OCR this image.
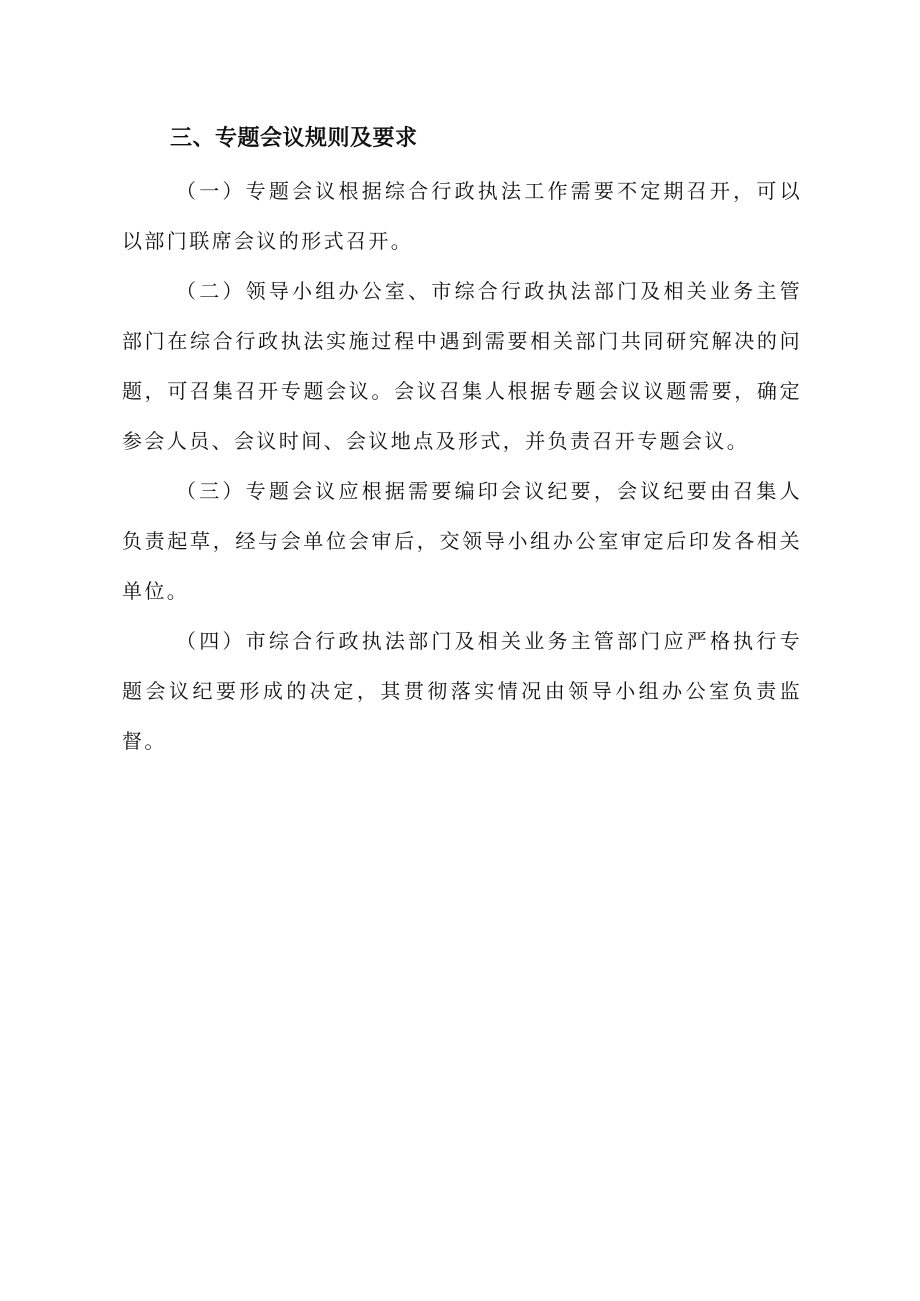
三、专题会议规则及要求

（一）专题会议根据综合行政执法工作需要不定期召开，可以以部门联席会议的形式召开。

（二）领导小组办公室、市综合行政执法部门及相关业务主管部门在综合行政执法实施过程中遇到需要相关部门共同研究解决的问题，可召集召开专题会议。会议召集人根据专题会议议题需要，确定参会人员、会议时间、会议地点及形式，并负责召开专题会议。

（三）专题会议应根据需要编印会议纪要，会议纪要由召集人负责起草，经与会单位会审后，交领导小组办公室审定后印发各相关单位。

（四）市综合行政执法部门及相关业务主管部门应严格执行专题会议纪要形成的决定，其贯彻落实情况由领导小组办公室负责监督。
